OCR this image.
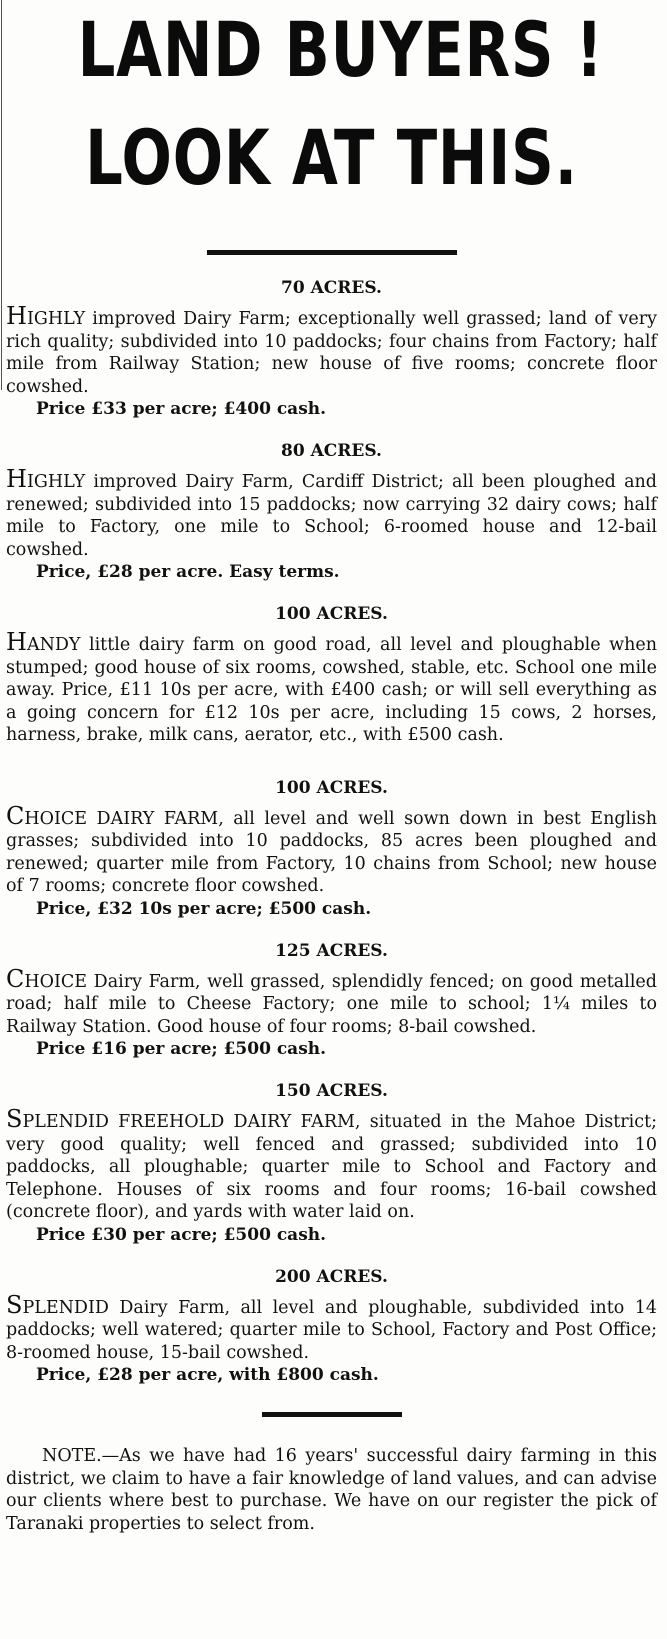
LAND BUYERS !
LOOK AT THIS.
70 ACRES.

HIGHLY improved Dairy Farm; exceptionally well grassed; land of very rich quality; subdivided into 10 paddocks; four chains from Factory; half mile from Railway Station; new house of five rooms; concrete floor cowshed.

Price £33 per acre; £400 cash.

80 ACRES.

HIGHLY improved Dairy Farm, Cardiff District; all been ploughed and renewed; subdivided into 15 paddocks; now carrying 32 dairy cows; half mile to Factory, one mile to School; 6-roomed house and 12-bail cowshed.

Price, £28 per acre. Easy terms.

100 ACRES.

HANDY little dairy farm on good road, all level and ploughable when stumped; good house of six rooms, cowshed, stable, etc. School one mile away. Price, £11 10s per acre, with £400 cash; or will sell everything as a going concern for £12 10s per acre, including 15 cows, 2 horses, harness, brake, milk cans, aerator, etc., with £500 cash.

100 ACRES.

CHOICE DAIRY FARM, all level and well sown down in best English grasses; subdivided into 10 paddocks, 85 acres been ploughed and renewed; quarter mile from Factory, 10 chains from School; new house of 7 rooms; concrete floor cowshed.

Price, £32 10s per acre; £500 cash.

125 ACRES.

CHOICE Dairy Farm, well grassed, splendidly fenced; on good metalled road; half mile to Cheese Factory; one mile to school; 1¼ miles to Railway Station. Good house of four rooms; 8-bail cowshed.

Price £16 per acre; £500 cash.

150 ACRES.

SPLENDID FREEHOLD DAIRY FARM, situated in the Mahoe District; very good quality; well fenced and grassed; subdivided into 10 paddocks, all ploughable; quarter mile to School and Factory and Telephone. Houses of six rooms and four rooms; 16-bail cowshed (concrete floor), and yards with water laid on.

Price £30 per acre; £500 cash.

200 ACRES.

SPLENDID Dairy Farm, all level and ploughable, subdivided into 14 paddocks; well watered; quarter mile to School, Factory and Post Office; 8-roomed house, 15-bail cowshed.

Price, £28 per acre, with £800 cash.

NOTE.—As we have had 16 years' successful dairy farming in this district, we claim to have a fair knowledge of land values, and can advise our clients where best to purchase. We have on our register the pick of Taranaki properties to select from.
